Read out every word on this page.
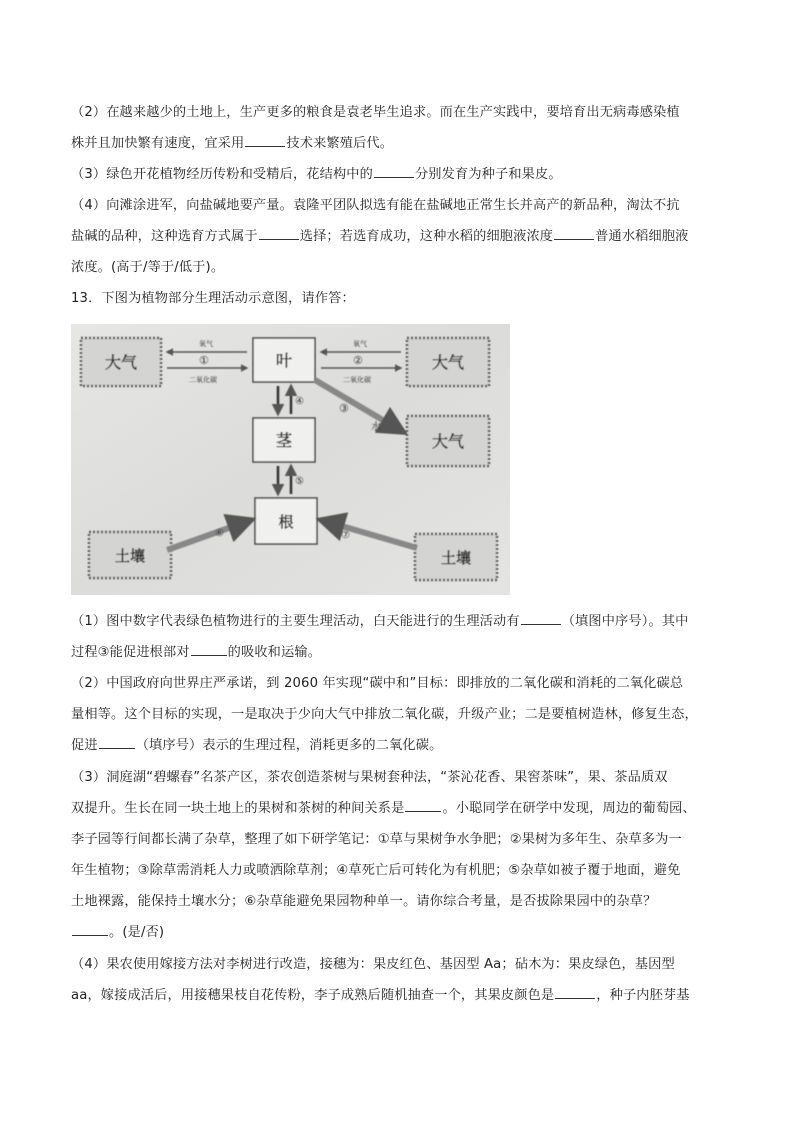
（2）在越来越少的土地上，生产更多的粮食是袁老毕生追求。而在生产实践中，要培育出无病毒感染植
株并且加快繁有速度，宜采用	技术来繁殖后代。
（3）绿色开花植物经历传粉和受精后，花结构中的	分别发育为种子和果皮。
（4）向滩涂进军，向盐碱地要产量。袁隆平团队拟选有能在盐碱地正常生长并高产的新品种，淘汰不抗
盐碱的品种，这种选育方式属于	选择；若选育成功，这种水稻的细胞液浓度	普通水稻细胞液
浓度。(高于/等于/低于)。
13．下图为植物部分生理活动示意图，请作答：
大气	叶	大气
茎	大气
根
土壤	土壤
氧气
①
二氧化碳
氧气
②
二氧化碳
水
③
④
⑤
⑥	⑦
（1）图中数字代表绿色植物进行的主要生理活动，白天能进行的生理活动有	（填图中序号）。其中
过程③能促进根部对	的吸收和运输。
（2）中国政府向世界庄严承诺，到 2060 年实现“碳中和”目标：即排放的二氧化碳和消耗的二氧化碳总
量相等。这个目标的实现，一是取决于少向大气中排放二氧化碳，升级产业；二是要植树造林，修复生态，
促进	（填序号）表示的生理过程，消耗更多的二氧化碳。
（3）洞庭湖“碧螺春”名茶产区，茶农创造茶树与果树套种法，“茶沁花香、果窖茶味”，果、茶品质双
双提升。生长在同一块土地上的果树和茶树的种间关系是	。小聪同学在研学中发现，周边的葡萄园、
李子园等行间都长满了杂草，整理了如下研学笔记：①草与果树争水争肥；②果树为多年生、杂草多为一
年生植物；③除草需消耗人力或喷洒除草剂；④草死亡后可转化为有机肥；⑤杂草如被子覆于地面，避免
土地裸露，能保持土壤水分；⑥杂草能避免果园物种单一。请你综合考量，是否拔除果园中的杂草？
。(是/否)
（4）果农使用嫁接方法对李树进行改造，接穗为：果皮红色、基因型 Aa；砧木为：果皮绿色，基因型
aa，嫁接成活后，用接穗果枝自花传粉，李子成熟后随机抽查一个，其果皮颜色是	，种子内胚芽基
